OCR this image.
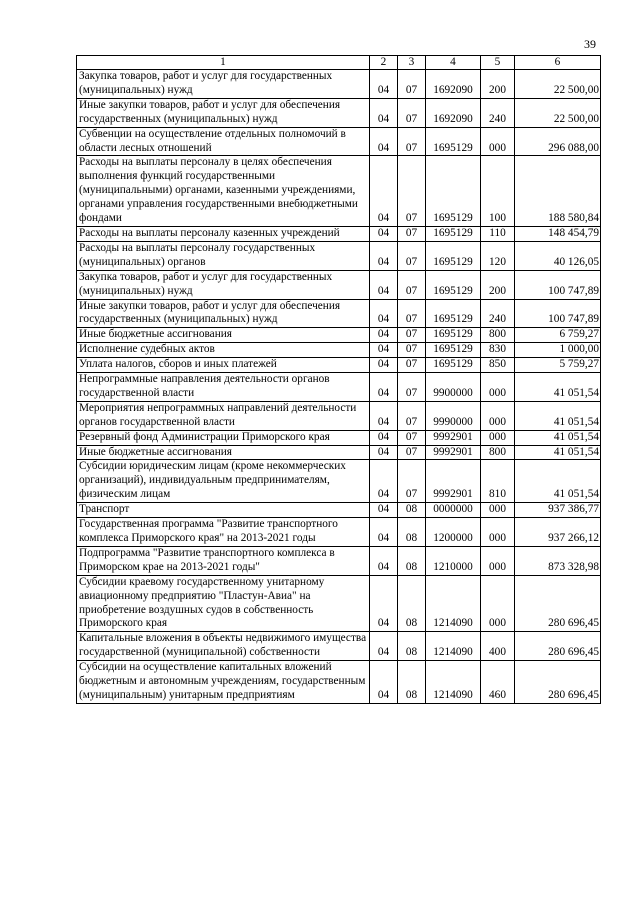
39
1	2	3	4	5	6
Закупка товаров, работ и услуг для государственных (муниципальных) нужд	04	07	1692090	200	22 500,00
Иные закупки товаров, работ и услуг для обеспечения государственных (муниципальных) нужд	04	07	1692090	240	22 500,00
Субвенции на осуществление отдельных полномочий в области лесных отношений	04	07	1695129	000	296 088,00
Расходы на выплаты персоналу в целях обеспечения выполнения функций государственными (муниципальными) органами, казенными учреждениями, органами управления государственными внебюджетными фондами	04	07	1695129	100	188 580,84
Расходы на выплаты персоналу казенных учреждений	04	07	1695129	110	148 454,79
Расходы на выплаты персоналу государственных (муниципальных) органов	04	07	1695129	120	40 126,05
Закупка товаров, работ и услуг для государственных (муниципальных) нужд	04	07	1695129	200	100 747,89
Иные закупки товаров, работ и услуг для обеспечения государственных (муниципальных) нужд	04	07	1695129	240	100 747,89
Иные бюджетные ассигнования	04	07	1695129	800	6 759,27
Исполнение судебных актов	04	07	1695129	830	1 000,00
Уплата налогов, сборов и иных платежей	04	07	1695129	850	5 759,27
Непрограммные направления деятельности органов государственной власти	04	07	9900000	000	41 051,54
Мероприятия непрограммных направлений деятельности органов государственной власти	04	07	9990000	000	41 051,54
Резервный фонд Администрации Приморского края	04	07	9992901	000	41 051,54
Иные бюджетные ассигнования	04	07	9992901	800	41 051,54
Субсидии юридическим лицам (кроме некоммерческих организаций), индивидуальным предпринимателям, физическим лицам	04	07	9992901	810	41 051,54
Транспорт	04	08	0000000	000	937 386,77
Государственная программа "Развитие транспортного комплекса Приморского края" на 2013-2021 годы	04	08	1200000	000	937 266,12
Подпрограмма "Развитие транспортного комплекса в Приморском крае на 2013-2021 годы"	04	08	1210000	000	873 328,98
Субсидии краевому государственному унитарному авиационному предприятию "Пластун-Авиа" на приобретение воздушных судов в собственность Приморского края	04	08	1214090	000	280 696,45
Капитальные вложения в объекты недвижимого имущества государственной (муниципальной) собственности	04	08	1214090	400	280 696,45
Субсидии на осуществление капитальных вложений бюджетным и автономным учреждениям, государственным (муниципальным) унитарным предприятиям	04	08	1214090	460	280 696,45
